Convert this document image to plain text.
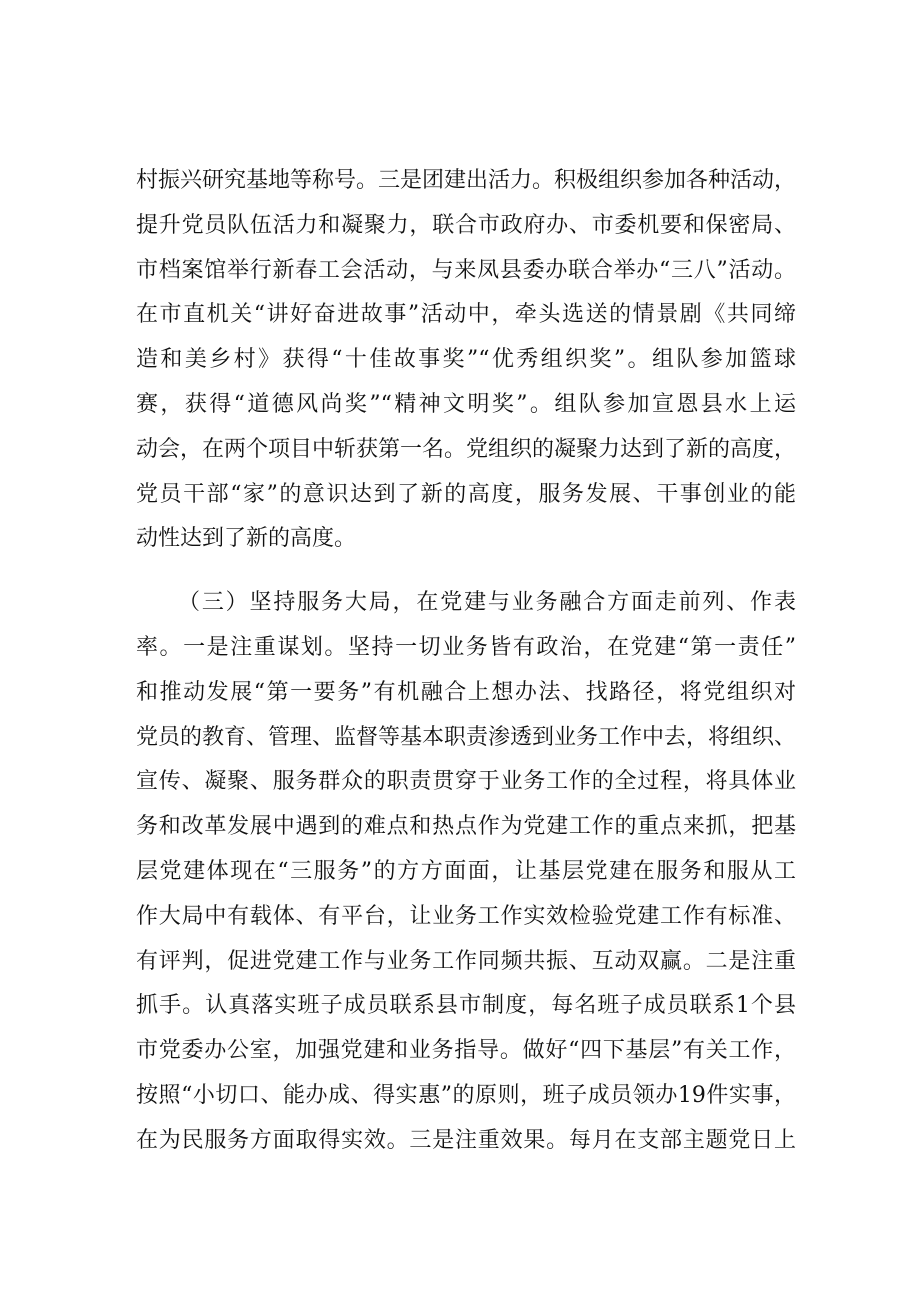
村振兴研究基地等称号。三是团建出活力。积极组织参加各种活动，
提升党员队伍活力和凝聚力，联合市政府办、市委机要和保密局、
市档案馆举行新春工会活动，与来凤县委办联合举办“三八”活动。
在市直机关“讲好奋进故事”活动中，牵头选送的情景剧《共同缔
造和美乡村》获得“十佳故事奖”“优秀组织奖”。组队参加篮球
赛，获得“道德风尚奖”“精神文明奖”。组队参加宣恩县水上运
动会，在两个项目中斩获第一名。党组织的凝聚力达到了新的高度，
党员干部“家”的意识达到了新的高度，服务发展、干事创业的能
动性达到了新的高度。
（三）坚持服务大局，在党建与业务融合方面走前列、作表
率。一是注重谋划。坚持一切业务皆有政治，在党建“第一责任”
和推动发展“第一要务”有机融合上想办法、找路径，将党组织对
党员的教育、管理、监督等基本职责渗透到业务工作中去，将组织、
宣传、凝聚、服务群众的职责贯穿于业务工作的全过程，将具体业
务和改革发展中遇到的难点和热点作为党建工作的重点来抓，把基
层党建体现在“三服务”的方方面面，让基层党建在服务和服从工
作大局中有载体、有平台，让业务工作实效检验党建工作有标准、
有评判，促进党建工作与业务工作同频共振、互动双赢。二是注重
抓手。认真落实班子成员联系县市制度，每名班子成员联系1个县
市党委办公室，加强党建和业务指导。做好“四下基层”有关工作，
按照“小切口、能办成、得实惠”的原则，班子成员领办19件实事，
在为民服务方面取得实效。三是注重效果。每月在支部主题党日上
